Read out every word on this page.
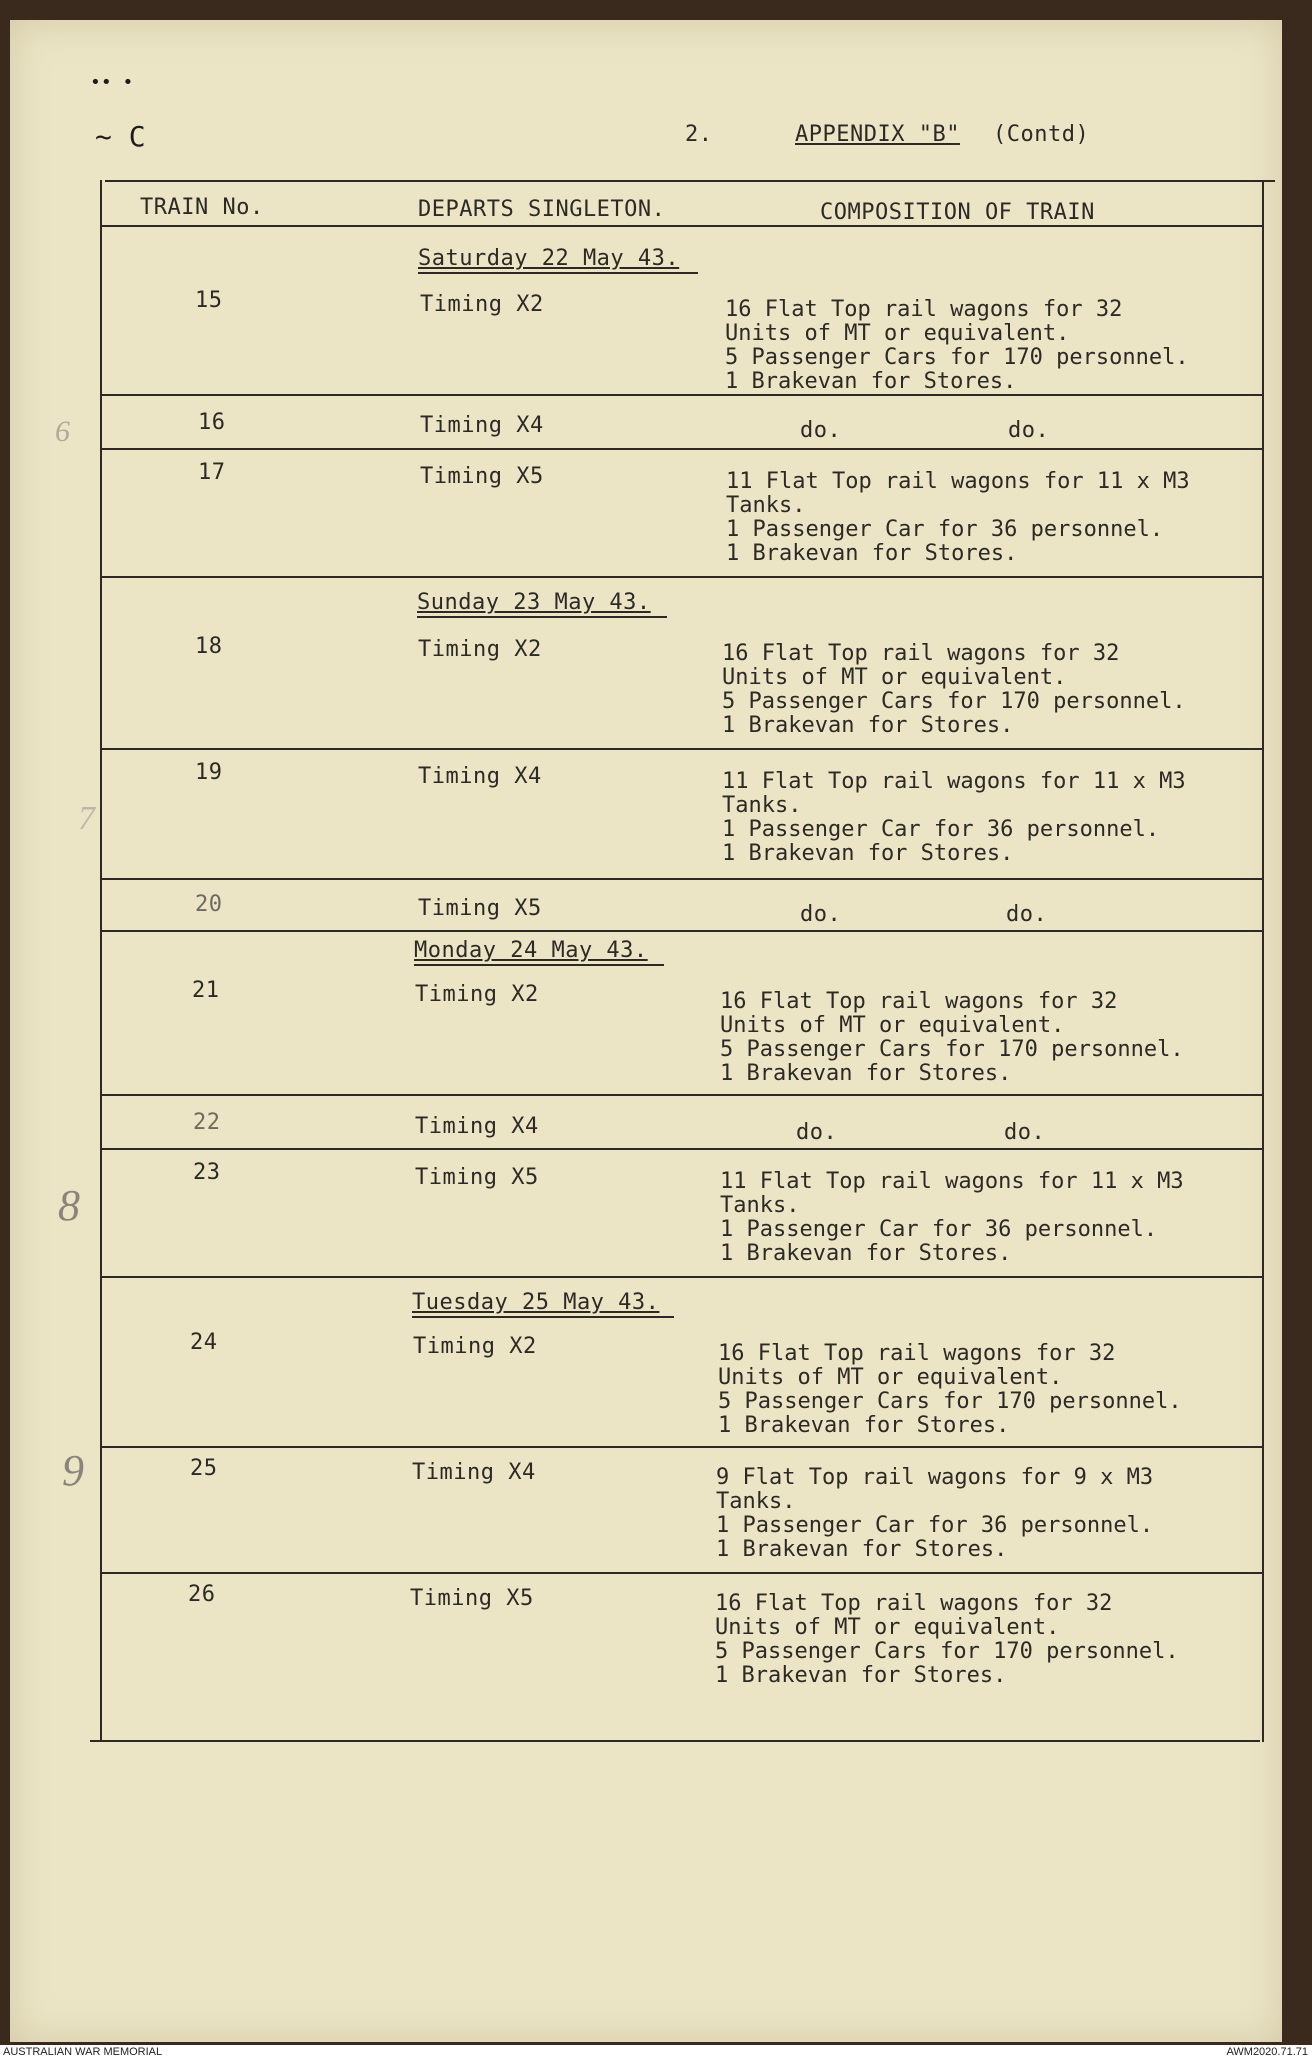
•• •
~ C	2.	APPENDIX "B" (Contd)
TRAIN No.	DEPARTS SINGLETON.	COMPOSITION OF TRAIN
Saturday 22 May 43.
15	Timing X2	16 Flat Top rail wagons for 32
Units of MT or equivalent.
5 Passenger Cars for 170 personnel.
1 Brakevan for Stores.
16	Timing X4	do.	do.
17	Timing X5	11 Flat Top rail wagons for 11 x M3
Tanks.
1 Passenger Car for 36 personnel.
1 Brakevan for Stores.
Sunday 23 May 43.
18	Timing X2	16 Flat Top rail wagons for 32
Units of MT or equivalent.
5 Passenger Cars for 170 personnel.
1 Brakevan for Stores.
19	Timing X4	11 Flat Top rail wagons for 11 x M3
Tanks.
1 Passenger Car for 36 personnel.
1 Brakevan for Stores.
20	Timing X5	do.	do.
Monday 24 May 43.
21	Timing X2	16 Flat Top rail wagons for 32
Units of MT or equivalent.
5 Passenger Cars for 170 personnel.
1 Brakevan for Stores.
22	Timing X4	do.	do.
23	Timing X5	11 Flat Top rail wagons for 11 x M3
Tanks.
1 Passenger Car for 36 personnel.
1 Brakevan for Stores.
Tuesday 25 May 43.
24	Timing X2	16 Flat Top rail wagons for 32
Units of MT or equivalent.
5 Passenger Cars for 170 personnel.
1 Brakevan for Stores.
25	Timing X4	9 Flat Top rail wagons for 9 x M3
Tanks.
1 Passenger Car for 36 personnel.
1 Brakevan for Stores.
26	Timing X5	16 Flat Top rail wagons for 32
Units of MT or equivalent.
5 Passenger Cars for 170 personnel.
1 Brakevan for Stores.
6
7
8
9
AUSTRALIAN WAR MEMORIAL	AWM2020.71.71
